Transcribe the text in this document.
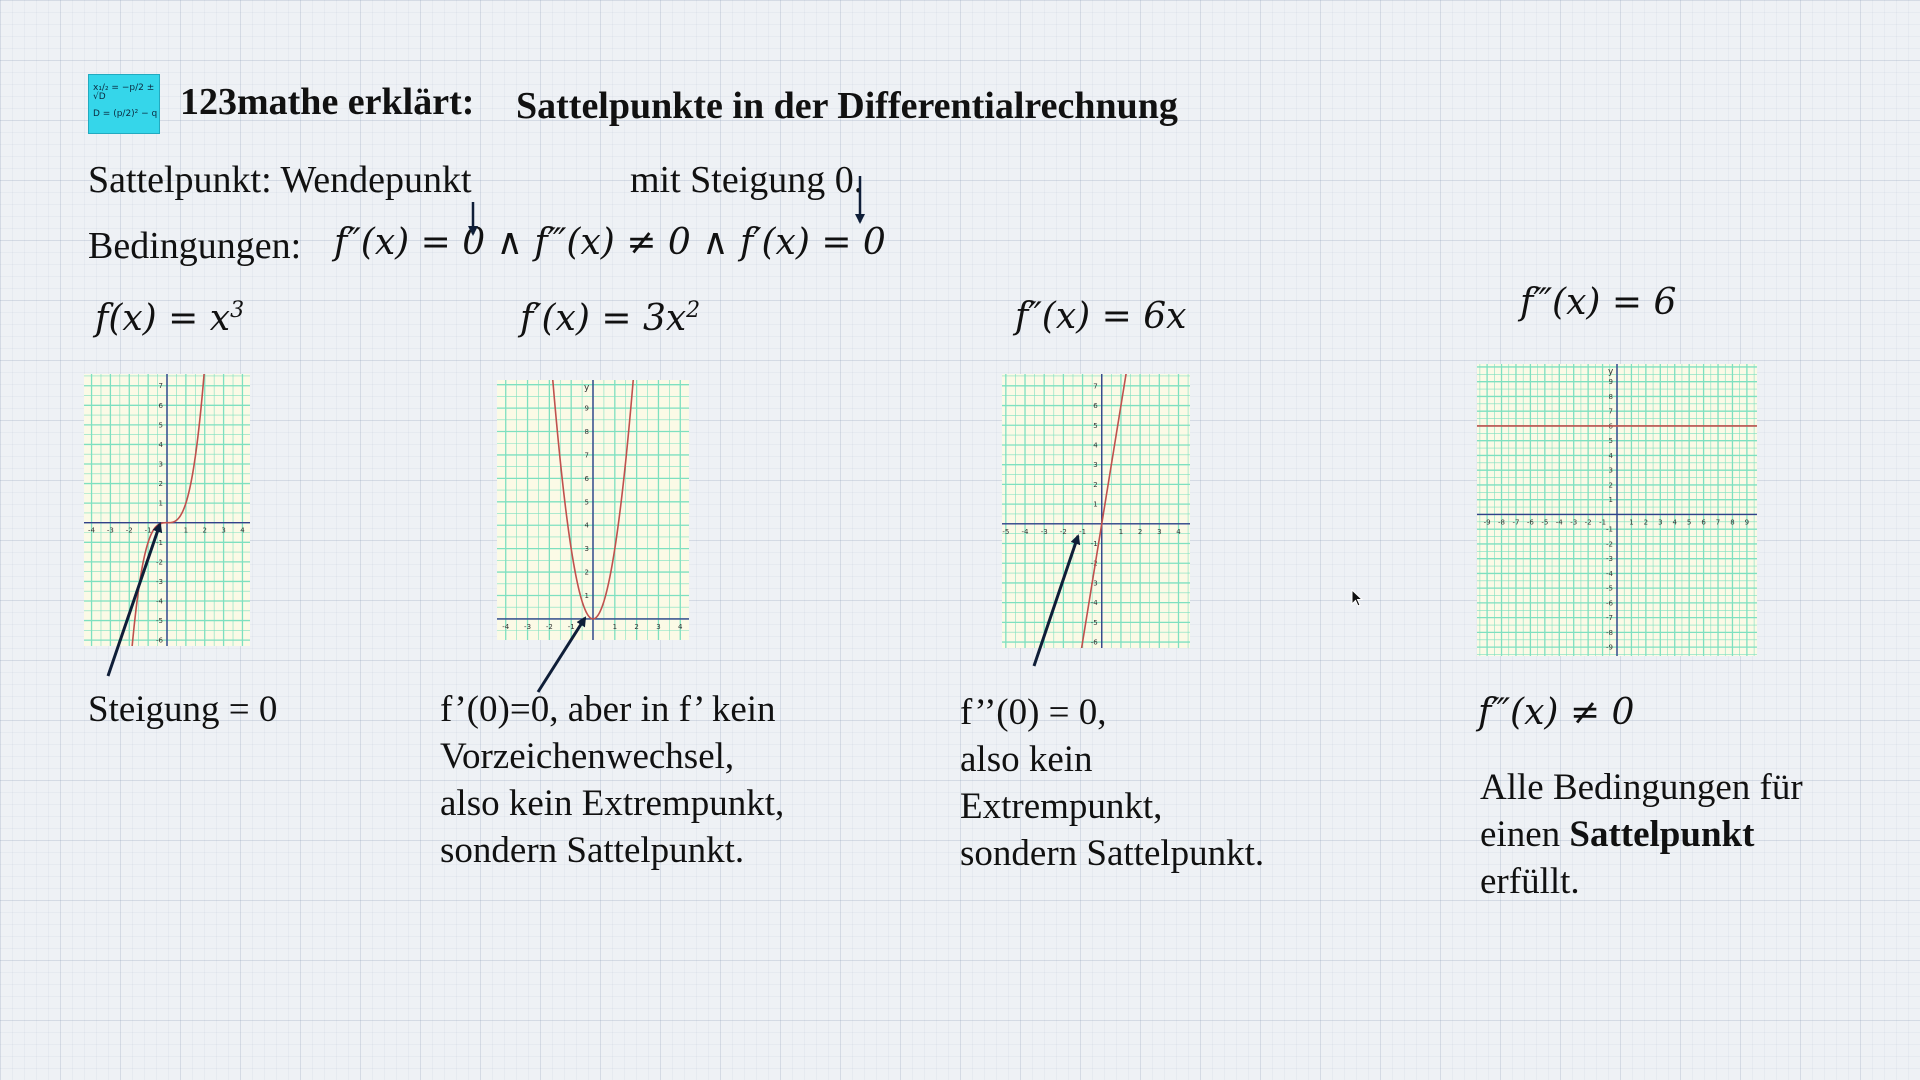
x₁/₂ = −p/2 ± √D
D = (p/2)² − q 123mathe erklärt: Sattelpunkte in der Differentialrechnung
Sattelpunkt: Wendepunkt	mit Steigung 0.
Bedingungen: f″(x) = 0 ∧ f‴(x) ≠ 0 ∧ f′(x) = 0
$f(x) = x^3$	$f'(x) = 3x^2$	f″(x) = 6x	f‴(x) = 6
-4 -3 -2 -1	1 2 3 4
7
6
5
4
3
2
1
-1
-2
-3
-4
-5
-6
-4 -3 -2 -1	1 2 3 4
9
8
7
6
5
4
3
2
1
y
-5 -4 -3 -2 -1	1 2 3 4
7
6
5
4
3
2
1
-1
-2
-3
-4
-5
-6
-9 -8 -7 -6 -5 -4 -3 -2 -1	1 2 3 4 5 6 7 8 9
9
8
7
6
5
4
3
2
1
-1
-2
-3
-4
-5
-6
-7
-8
-9
y
Steigung = 0	f’(0)=0, aber in f’ kein
Vorzeichenwechsel,
also kein Extrempunkt,
sondern Sattelpunkt.
f’’(0) = 0,
also kein
Extrempunkt,
sondern Sattelpunkt.
f‴(x) ≠ 0
Alle Bedingungen für
einen Sattelpunkt
erfüllt.
